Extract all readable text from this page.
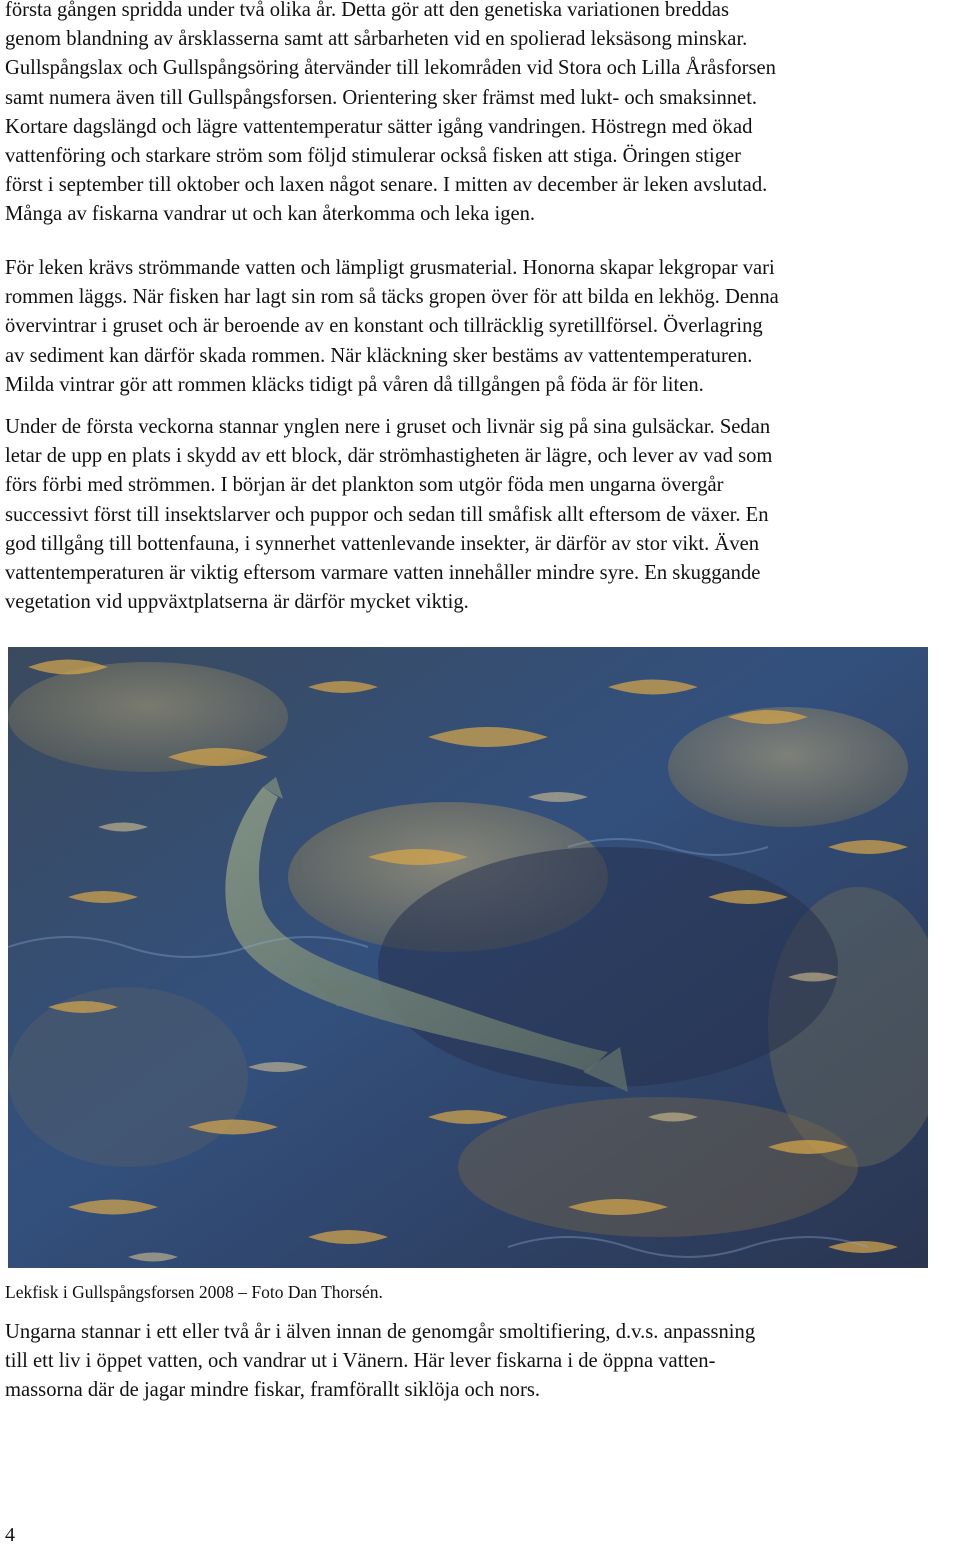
första gången spridda under två olika år. Detta gör att den genetiska variationen breddas
genom blandning av årsklasserna samt att sårbarheten vid en spolierad leksäsong minskar.
Gullspångslax och Gullspångsöring återvänder till lekområden vid Stora och Lilla Åråsforsen
samt numera även till Gullspångsforsen. Orientering sker främst med lukt- och smaksinnet.
Kortare dagslängd och lägre vattentemperatur sätter igång vandringen. Höstregn med ökad
vattenföring och starkare ström som följd stimulerar också fisken att stiga. Öringen stiger
först i september till oktober och laxen något senare. I mitten av december är leken avslutad.
Många av fiskarna vandrar ut och kan återkomma och leka igen.

För leken krävs strömmande vatten och lämpligt grusmaterial. Honorna skapar lekgropar vari
rommen läggs. När fisken har lagt sin rom så täcks gropen över för att bilda en lekhög. Denna
övervintrar i gruset och är beroende av en konstant och tillräcklig syretillförsel. Överlagring
av sediment kan därför skada rommen. När kläckning sker bestäms av vattentemperaturen.
Milda vintrar gör att rommen kläcks tidigt på våren då tillgången på föda är för liten.

Under de första veckorna stannar ynglen nere i gruset och livnär sig på sina gulsäckar. Sedan
letar de upp en plats i skydd av ett block, där strömhastigheten är lägre, och lever av vad som
förs förbi med strömmen. I början är det plankton som utgör föda men ungarna övergår
successivt först till insektslarver och puppor och sedan till småfisk allt eftersom de växer. En
god tillgång till bottenfauna, i synnerhet vattenlevande insekter, är därför av stor vikt. Även
vattentemperaturen är viktig eftersom varmare vatten innehåller mindre syre. En skuggande
vegetation vid uppväxtplatserna är därför mycket viktig.

Lekfisk i Gullspångsforsen 2008 – Foto Dan Thorsén.

Ungarna stannar i ett eller två år i älven innan de genomgår smoltifiering, d.v.s. anpassning
till ett liv i öppet vatten, och vandrar ut i Vänern. Här lever fiskarna i de öppna vatten-
massorna där de jagar mindre fiskar, framförallt siklöja och nors.

4
